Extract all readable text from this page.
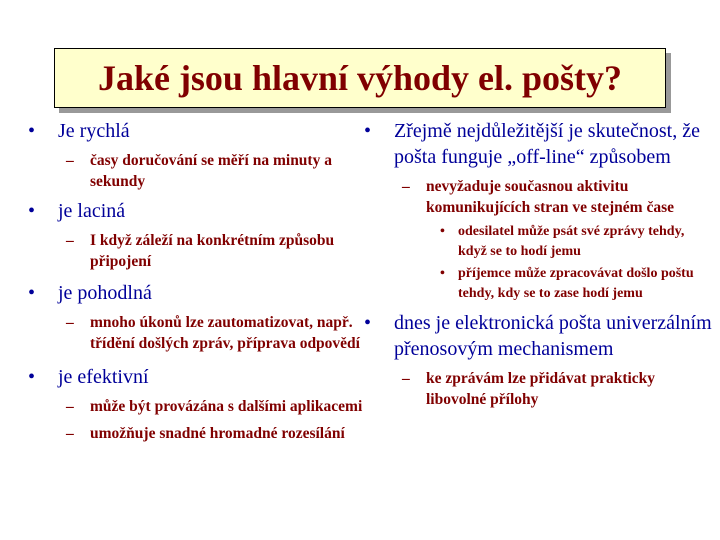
Jaké jsou hlavní výhody el. pošty?
• Je rychlá
– časy doručování se měří na minuty a sekundy
• je laciná
– I když záleží na konkrétním způsobu připojení
• je pohodlná
– mnoho úkonů lze zautomatizovat, např. třídění došlých zpráv, příprava odpovědí
• je efektivní
– může být provázána s dalšími aplikacemi
– umožňuje snadné hromadné rozesílání
• Zřejmě nejdůležitější je skutečnost, že pošta funguje „off-line“ způsobem
– nevyžaduje současnou aktivitu komunikujících stran ve stejném čase
• odesilatel může psát své zprávy tehdy, když se to hodí jemu
• příjemce může zpracovávat došlo poštu tehdy, kdy se to zase hodí jemu
• dnes je elektronická pošta univerzálním přenosovým mechanismem
– ke zprávám lze přidávat prakticky libovolné přílohy
